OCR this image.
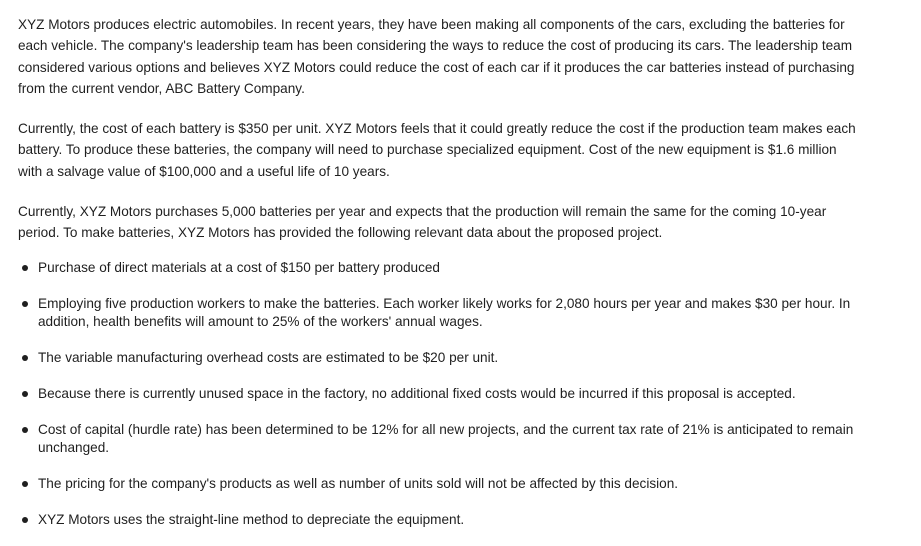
XYZ Motors produces electric automobiles. In recent years, they have been making all components of the cars, excluding the batteries for each vehicle. The company's leadership team has been considering the ways to reduce the cost of producing its cars. The leadership team considered various options and believes XYZ Motors could reduce the cost of each car if it produces the car batteries instead of purchasing from the current vendor, ABC Battery Company.

Currently, the cost of each battery is $350 per unit. XYZ Motors feels that it could greatly reduce the cost if the production team makes each battery. To produce these batteries, the company will need to purchase specialized equipment. Cost of the new equipment is $1.6 million with a salvage value of $100,000 and a useful life of 10 years.

Currently, XYZ Motors purchases 5,000 batteries per year and expects that the production will remain the same for the coming 10-year period. To make batteries, XYZ Motors has provided the following relevant data about the proposed project.

Purchase of direct materials at a cost of $150 per battery produced
Employing five production workers to make the batteries. Each worker likely works for 2,080 hours per year and makes $30 per hour. In addition, health benefits will amount to 25% of the workers' annual wages.
The variable manufacturing overhead costs are estimated to be $20 per unit.
Because there is currently unused space in the factory, no additional fixed costs would be incurred if this proposal is accepted.
Cost of capital (hurdle rate) has been determined to be 12% for all new projects, and the current tax rate of 21% is anticipated to remain unchanged.
The pricing for the company's products as well as number of units sold will not be affected by this decision.
XYZ Motors uses the straight-line method to depreciate the equipment.
